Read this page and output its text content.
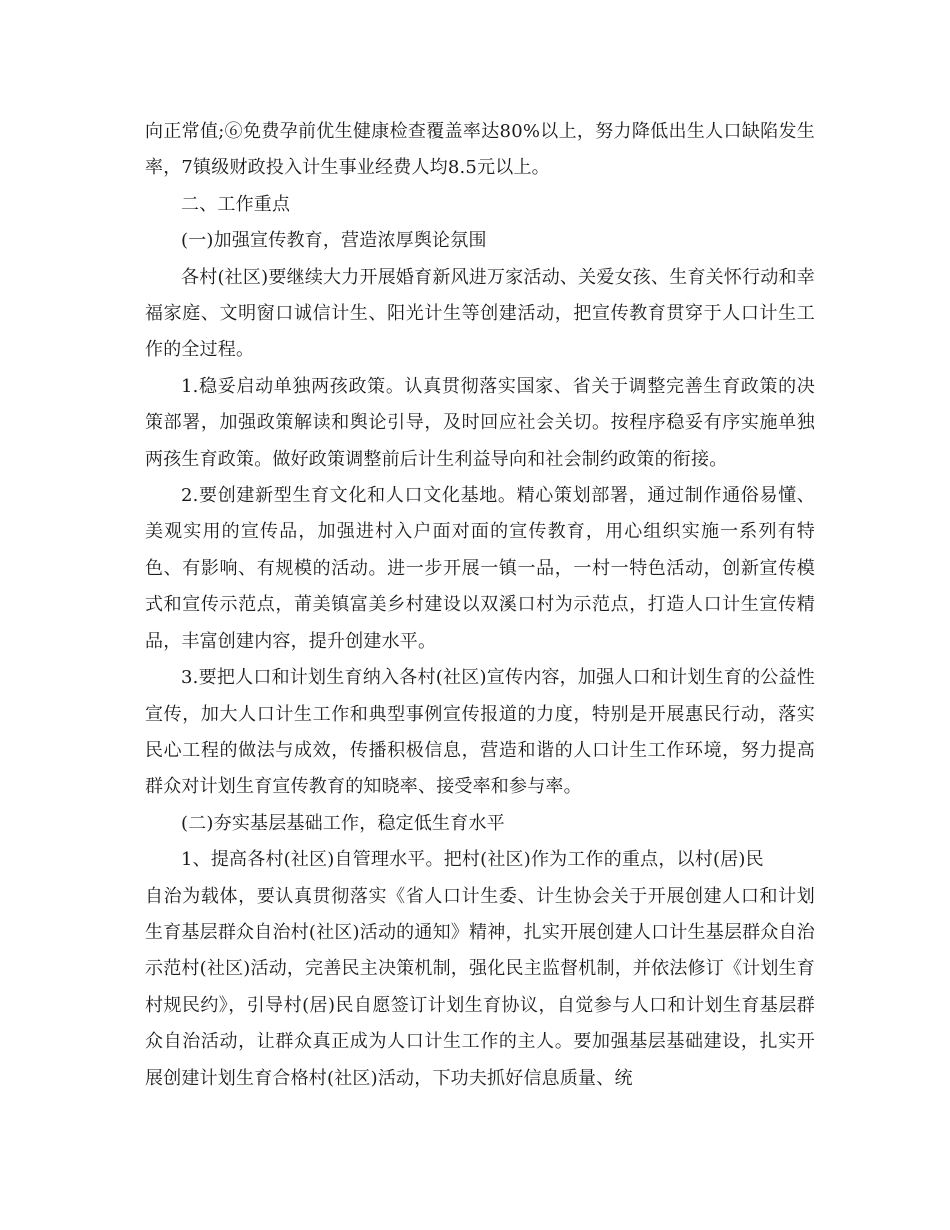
向正常值;⑥免费孕前优生健康检查覆盖率达80%以上，努力降低出生人口缺陷发生率，7镇级财政投入计生事业经费人均8.5元以上。

二、工作重点

(一)加强宣传教育，营造浓厚舆论氛围

各村(社区)要继续大力开展婚育新风进万家活动、关爱女孩、生育关怀行动和幸福家庭、文明窗口诚信计生、阳光计生等创建活动，把宣传教育贯穿于人口计生工作的全过程。

1.稳妥启动单独两孩政策。认真贯彻落实国家、省关于调整完善生育政策的决策部署，加强政策解读和舆论引导，及时回应社会关切。按程序稳妥有序实施单独两孩生育政策。做好政策调整前后计生利益导向和社会制约政策的衔接。

2.要创建新型生育文化和人口文化基地。精心策划部署，通过制作通俗易懂、美观实用的宣传品，加强进村入户面对面的宣传教育，用心组织实施一系列有特色、有影响、有规模的活动。进一步开展一镇一品，一村一特色活动，创新宣传模式和宣传示范点，莆美镇富美乡村建设以双溪口村为示范点，打造人口计生宣传精品，丰富创建内容，提升创建水平。

3.要把人口和计划生育纳入各村(社区)宣传内容，加强人口和计划生育的公益性宣传，加大人口计生工作和典型事例宣传报道的力度，特别是开展惠民行动，落实民心工程的做法与成效，传播积极信息，营造和谐的人口计生工作环境，努力提高群众对计划生育宣传教育的知晓率、接受率和参与率。

(二)夯实基层基础工作，稳定低生育水平

1、提高各村(社区)自管理水平。把村(社区)作为工作的重点，以村(居)民

自治为载体，要认真贯彻落实《省人口计生委、计生协会关于开展创建人口和计划生育基层群众自治村(社区)活动的通知》精神，扎实开展创建人口计生基层群众自治示范村(社区)活动，完善民主决策机制，强化民主监督机制，并依法修订《计划生育村规民约》，引导村(居)民自愿签订计划生育协议，自觉参与人口和计划生育基层群众自治活动，让群众真正成为人口计生工作的主人。要加强基层基础建设，扎实开展创建计划生育合格村(社区)活动，下功夫抓好信息质量、统
